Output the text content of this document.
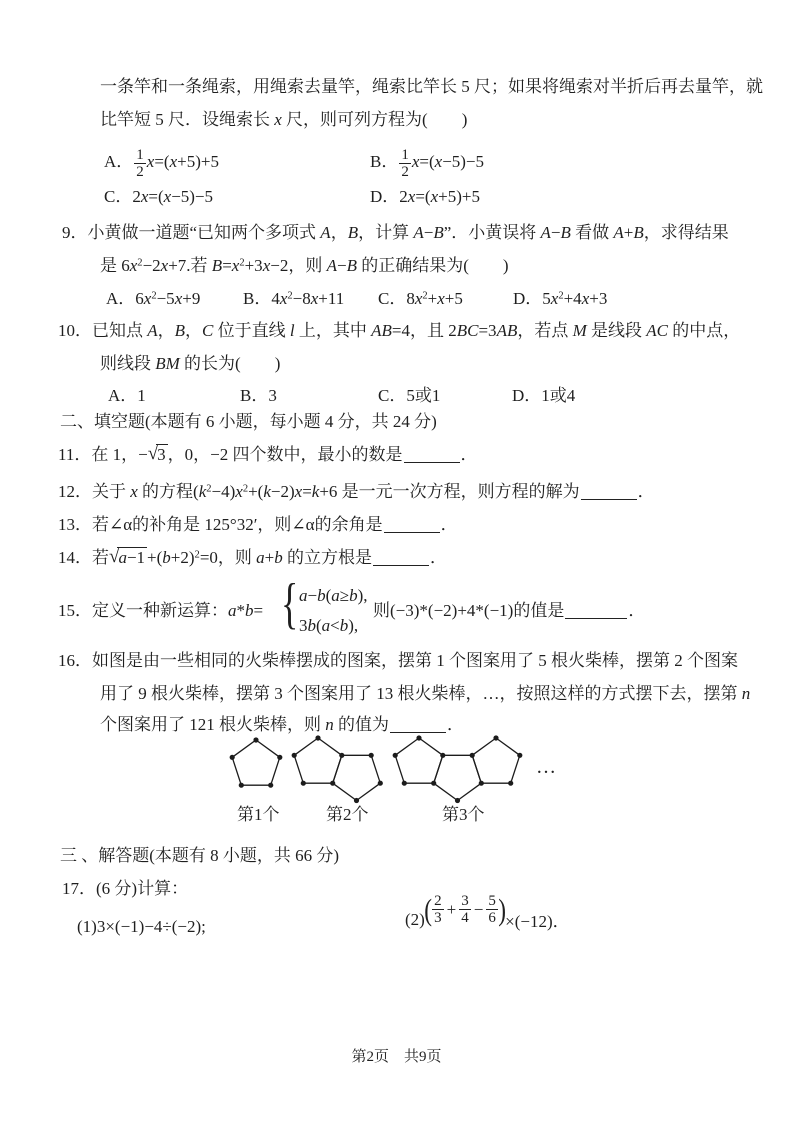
一条竿和一条绳索，用绳索去量竿，绳索比竿长 5 尺；如果将绳索对半折后再去量竿，就
比竿短 5 尺．设绳索长 x 尺，则可列方程为(　　)
A． $\frac{1}{2} x=(x+5)+5$	B． $\frac{1}{2} x=(x-5)-5$
C．2x=(x−5)−5	D．2x=(x+5)+5
9．小黄做一道题“已知两个多项式 A，B，计算 A−B”．小黄误将 A−B 看做 A+B，求得结果
是 $6x^2-2x+7$.若 $B=x^2+3x-2$，则 A−B 的正确结果为(　　)
A．$6x^2-5x+9$	B．$4x^2-8x+11$ C．$8x^2+x+5$	D．$5x^2+4x+3$
10．已知点 A，B，C 位于直线 l 上，其中 AB=4，且 2BC=3AB，若点 M 是线段 AC 的中点，
则线段 BM 的长为(　　)
A．1	B．3	C．5或1	D．1或4
二、填空题(本题有 6 小题，每小题 4 分，共 24 分)
11．在 1，−√3 ，0，−2 四个数中，最小的数是	．
12．关于 x 的方程$(k^2-4)x^2+(k-2)x=k+6$ 是一元一次方程，则方程的解为	．
13．若∠α的补角是 125°32′，则∠α的余角是	．
14．若$√a-1 +(b+2)^2=0$，则 a+b 的立方根是	．
15．定义一种新运算：a*b= { a−b(a≥b),
3b(a<b),
则(−3)*(−2)+4*(−1)的值是	．
16．如图是由一些相同的火柴棒摆成的图案，摆第 1 个图案用了 5 根火柴棒，摆第 2 个图案
用了 9 根火柴棒，摆第 3 个图案用了 13 根火柴棒，…，按照这样的方式摆下去，摆第 n
个图案用了 121 根火柴棒，则 n 的值为	．
…
第1个	第2个	第3个
三 、解答题(本题有 8 小题，共 66 分)
17．(6 分)计算：
(1)3×(−1)−4÷(−2);	(2) ( $\frac{2}{3} + \frac{3}{4} - \frac{5}{6}$ ) ×(−12)．
第2页　共9页
